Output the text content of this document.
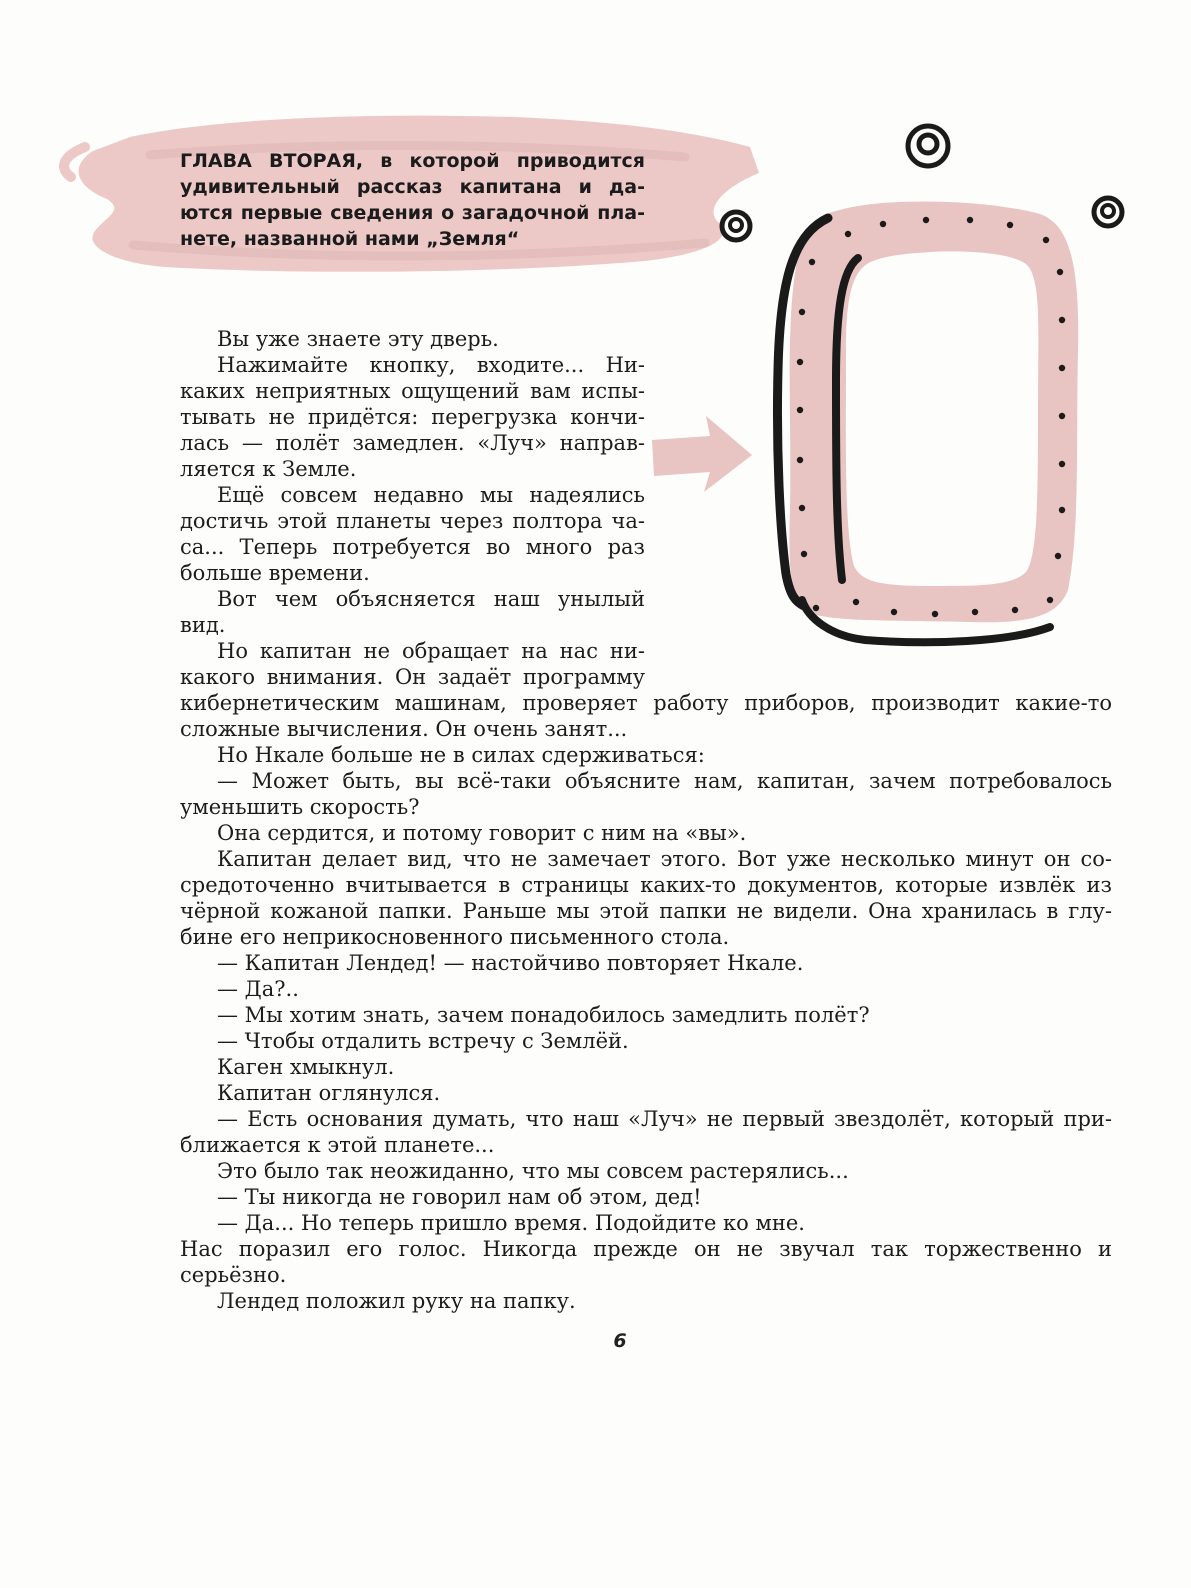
ГЛАВА ВТОРАЯ, в которой приводится удивительный рассказ капитана и даются первые сведения о загадочной планете, названной нами „Земля“
Вы уже знаете эту дверь.
Нажимайте кнопку, входите... Ни-
каких неприятных ощущений вам испы-
тывать не придётся: перегрузка кончи-
лась — полёт замедлен. «Луч» направ-
ляется к Земле.
Ещё совсем недавно мы надеялись
достичь этой планеты через полтора ча-
са... Теперь потребуется во много раз
больше времени.
Вот чем объясняется наш унылый
вид.
Но капитан не обращает на нас ни-
какого внимания. Он задаёт программу
кибернетическим машинам, проверяет работу приборов, производит какие-то
сложные вычисления. Он очень занят...
Но Нкале больше не в силах сдерживаться:
— Может быть, вы всё-таки объясните нам, капитан, зачем потребовалось
уменьшить скорость?
Она сердится, и потому говорит с ним на «вы».
Капитан делает вид, что не замечает этого. Вот уже несколько минут он со-
средоточенно вчитывается в страницы каких-то документов, которые извлёк из
чёрной кожаной папки. Раньше мы этой папки не видели. Она хранилась в глу-
бине его неприкосновенного письменного стола.
— Капитан Лендед! — настойчиво повторяет Нкале.
— Да?..
— Мы хотим знать, зачем понадобилось замедлить полёт?
— Чтобы отдалить встречу с Землёй.
Каген хмыкнул.
Капитан оглянулся.
— Есть основания думать, что наш «Луч» не первый звездолёт, который при-
ближается к этой планете...
Это было так неожиданно, что мы совсем растерялись...
— Ты никогда не говорил нам об этом, дед!
— Да... Но теперь пришло время. Подойдите ко мне.
Нас поразил его голос. Никогда прежде он не звучал так торжественно и
серьёзно.
Лендед положил руку на папку.
6
